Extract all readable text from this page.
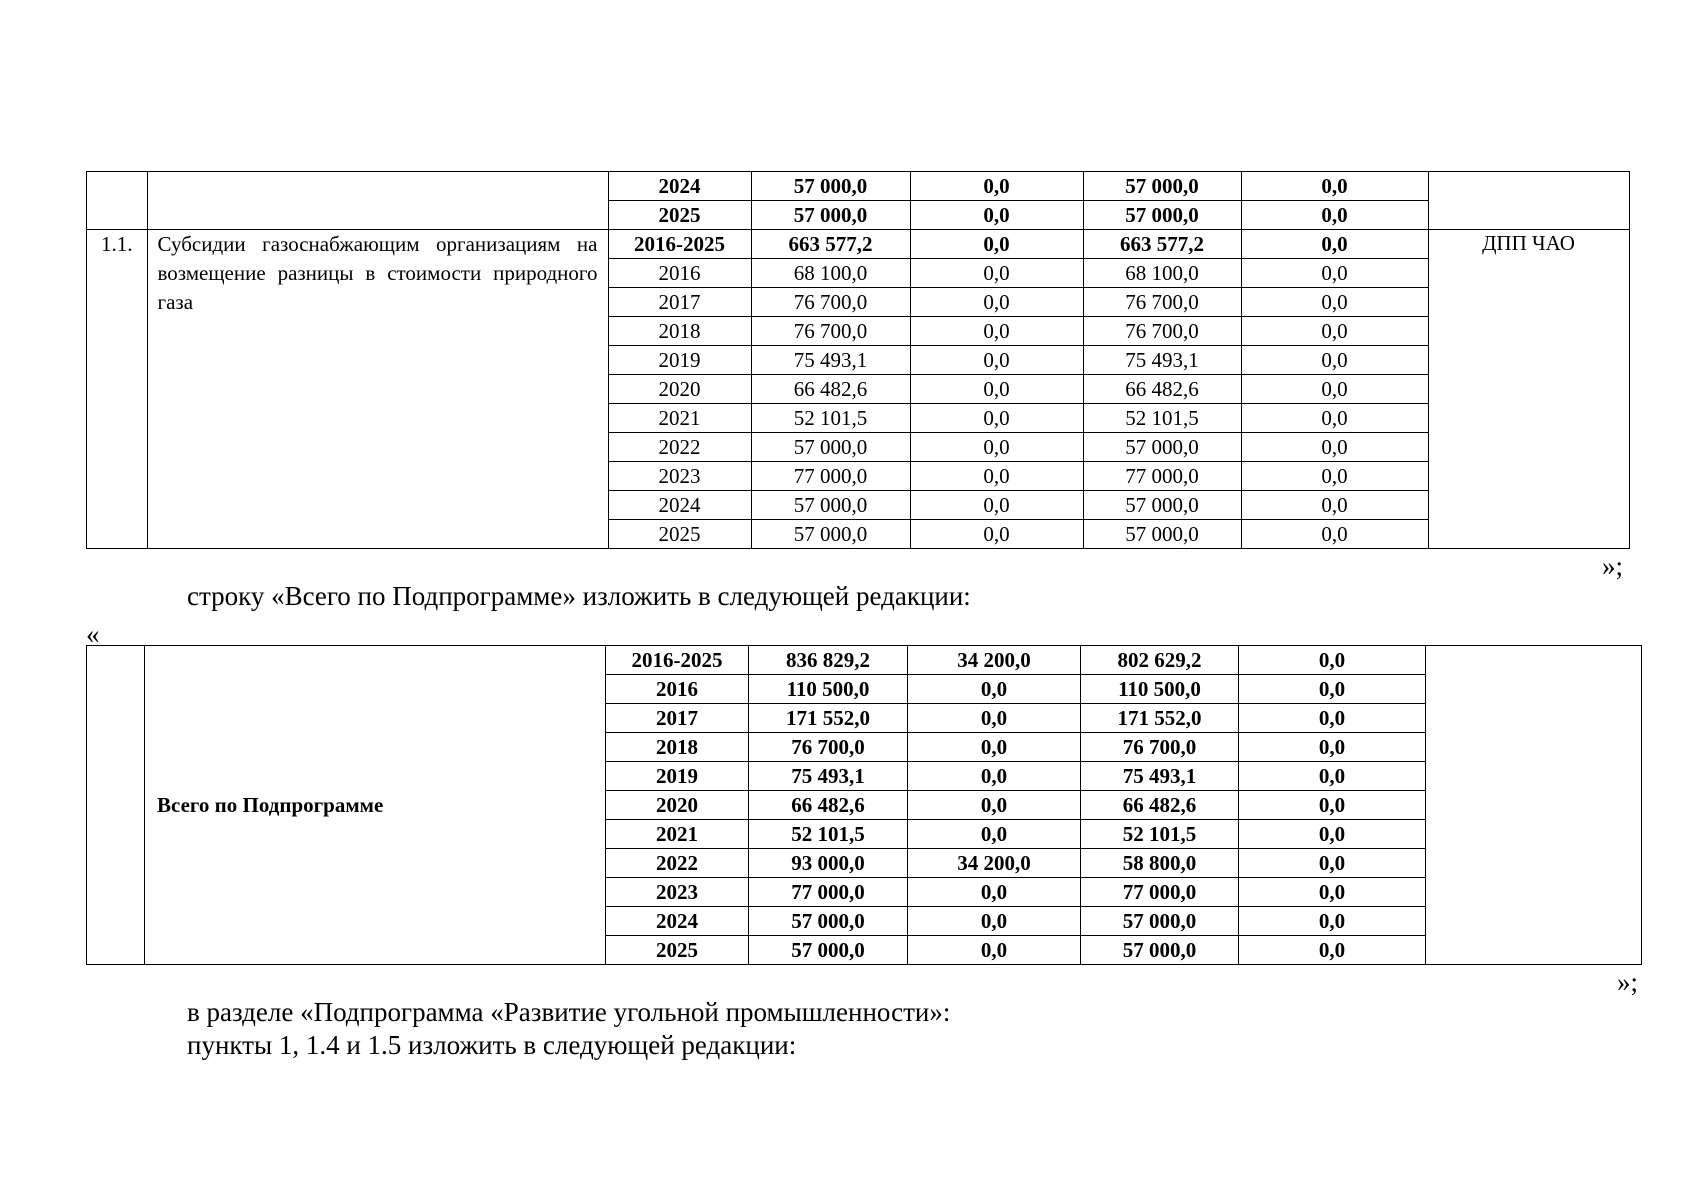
		2024	57 000,0	0,0	57 000,0	0,0	
		2025	57 000,0	0,0	57 000,0	0,0	
1.1.	Субсидии газоснабжающим организациям на возмещение разницы в стоимости природного газа	2016-2025	663 577,2	0,0	663 577,2	0,0	ДПП ЧАО
		2016	68 100,0	0,0	68 100,0	0,0	
		2017	76 700,0	0,0	76 700,0	0,0	
		2018	76 700,0	0,0	76 700,0	0,0	
		2019	75 493,1	0,0	75 493,1	0,0	
		2020	66 482,6	0,0	66 482,6	0,0	
		2021	52 101,5	0,0	52 101,5	0,0	
		2022	57 000,0	0,0	57 000,0	0,0	
		2023	77 000,0	0,0	77 000,0	0,0	
		2024	57 000,0	0,0	57 000,0	0,0	
		2025	57 000,0	0,0	57 000,0	0,0	
»;
строку «Всего по Подпрограмме» изложить в следующей редакции:
«
	Всего по Подпрограмме	2016-2025	836 829,2	34 200,0	802 629,2	0,0	
		2016	110 500,0	0,0	110 500,0	0,0	
		2017	171 552,0	0,0	171 552,0	0,0	
		2018	76 700,0	0,0	76 700,0	0,0	
		2019	75 493,1	0,0	75 493,1	0,0	
		2020	66 482,6	0,0	66 482,6	0,0	
		2021	52 101,5	0,0	52 101,5	0,0	
		2022	93 000,0	34 200,0	58 800,0	0,0	
		2023	77 000,0	0,0	77 000,0	0,0	
		2024	57 000,0	0,0	57 000,0	0,0	
		2025	57 000,0	0,0	57 000,0	0,0	
»;
в разделе «Подпрограмма «Развитие угольной промышленности»:
пункты 1, 1.4 и 1.5 изложить в следующей редакции:
